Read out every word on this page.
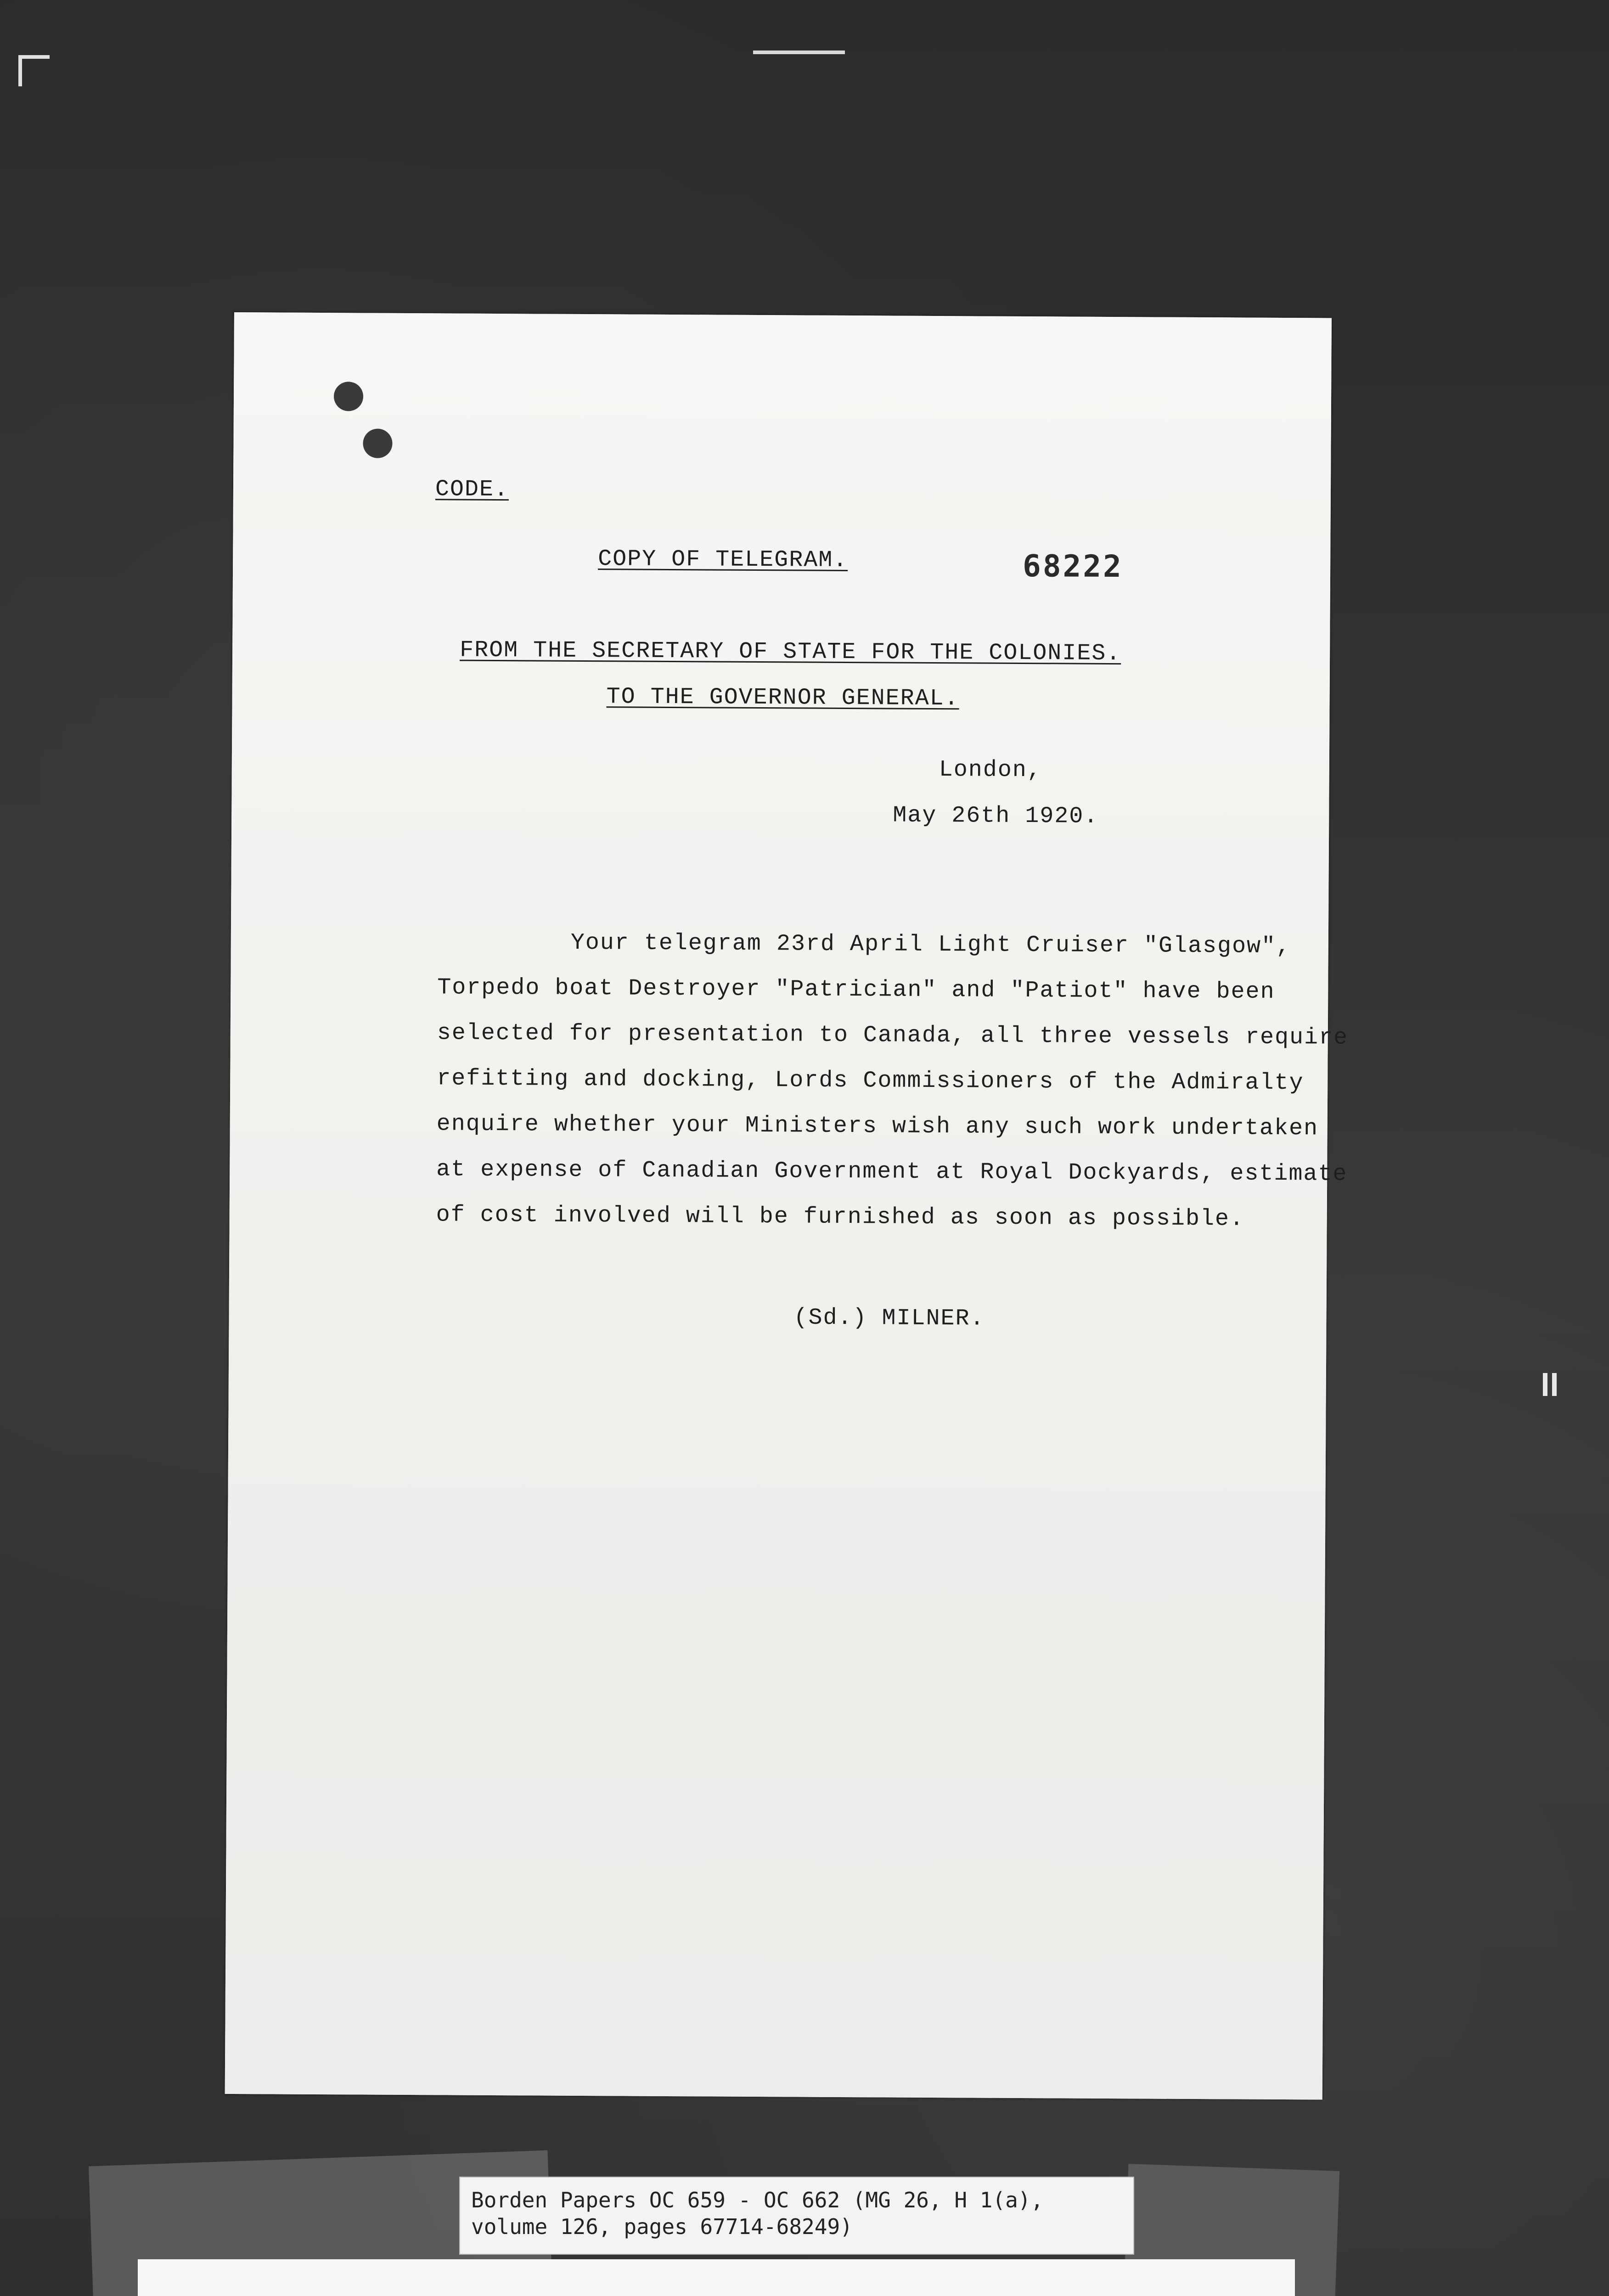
CODE.
COPY OF TELEGRAM.	68222
FROM THE SECRETARY OF STATE FOR THE COLONIES.
TO THE GOVERNOR GENERAL.
London,
May 26th 1920.
Your telegram 23rd April Light Cruiser "Glasgow",
Torpedo boat Destroyer "Patrician" and "Patiot" have been
selected for presentation to Canada, all three vessels require
refitting and docking, Lords Commissioners of the Admiralty
enquire whether your Ministers wish any such work undertaken
at expense of Canadian Government at Royal Dockyards, estimate
of cost involved will be furnished as soon as possible.
(Sd.) MILNER.
Borden Papers OC 659 - OC 662 (MG 26, H 1(a),
volume 126, pages 67714-68249)
